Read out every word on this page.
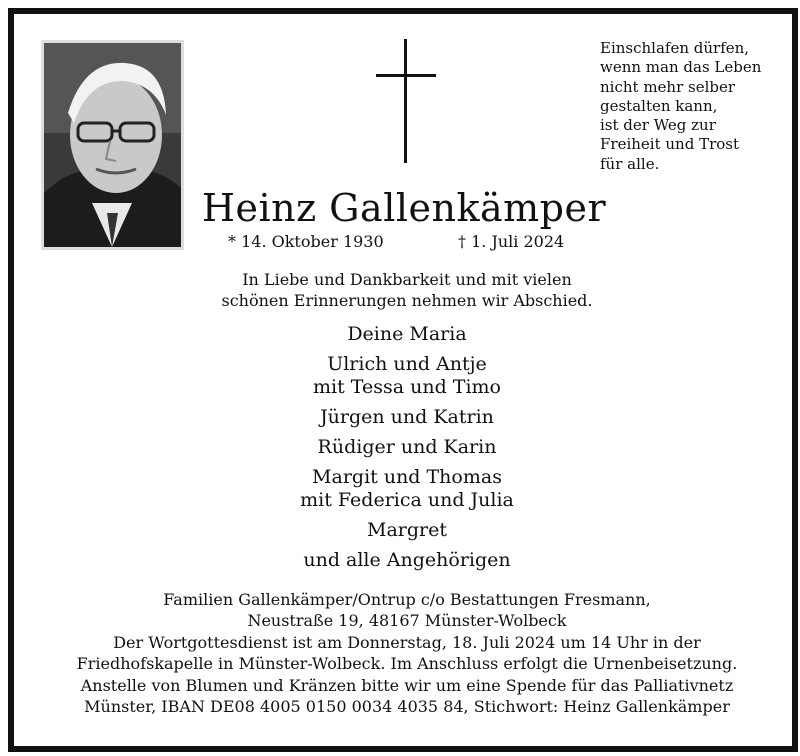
Einschlafen dürfen,
wenn man das Leben
nicht mehr selber
gestalten kann,
ist der Weg zur
Freiheit und Trost
für alle.
Heinz Gallenkämper
* 14. Oktober 1930	† 1. Juli 2024
In Liebe und Dankbarkeit und mit vielen
schönen Erinnerungen nehmen wir Abschied.
Deine Maria
Ulrich und Antje
mit Tessa und Timo
Jürgen und Katrin
Rüdiger und Karin
Margit und Thomas
mit Federica und Julia
Margret
und alle Angehörigen
Familien Gallenkämper/Ontrup c/o Bestattungen Fresmann,
Neustraße 19, 48167 Münster-Wolbeck
Der Wortgottesdienst ist am Donnerstag, 18. Juli 2024 um 14 Uhr in der
Friedhofskapelle in Münster-Wolbeck. Im Anschluss erfolgt die Urnenbeisetzung.
Anstelle von Blumen und Kränzen bitte wir um eine Spende für das Palliativnetz
Münster, IBAN DE08 4005 0150 0034 4035 84, Stichwort: Heinz Gallenkämper
